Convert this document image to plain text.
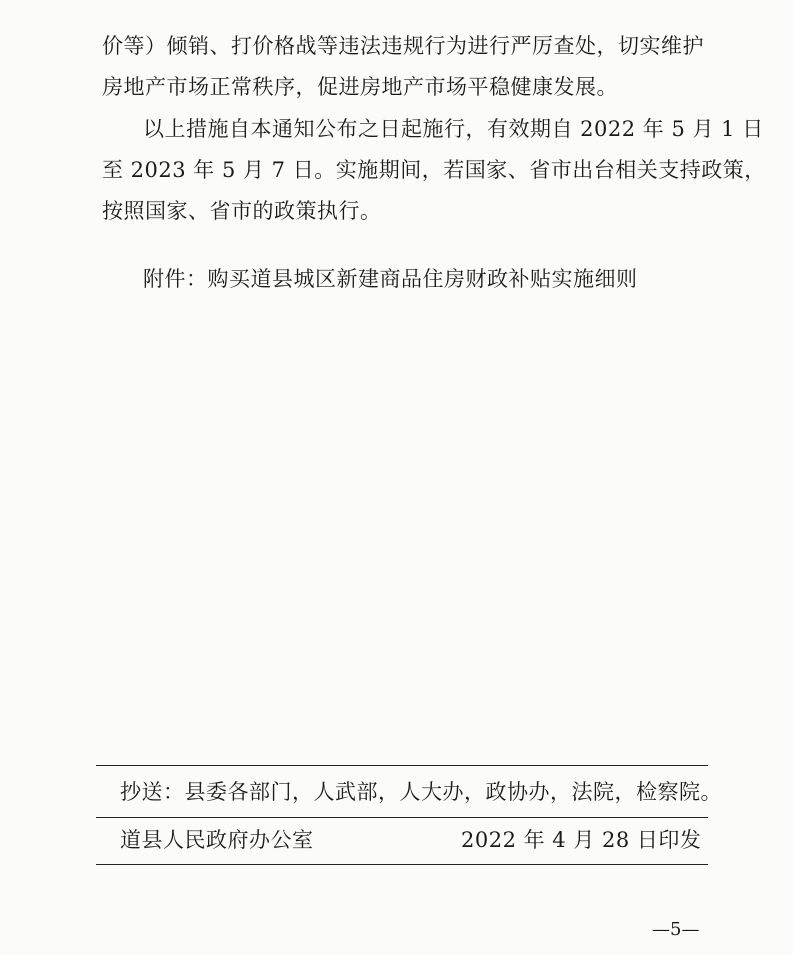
价等）倾销、打价格战等违法违规行为进行严厉查处，切实维护
房地产市场正常秩序，促进房地产市场平稳健康发展。
以上措施自本通知公布之日起施行，有效期自 2022 年 5 月 1 日
至 2023 年 5 月 7 日。实施期间，若国家、省市出台相关支持政策，
按照国家、省市的政策执行。
附件：购买道县城区新建商品住房财政补贴实施细则
抄送：县委各部门，人武部，人大办，政协办，法院，检察院。
道县人民政府办公室	2022 年 4 月 28 日印发
—5—
